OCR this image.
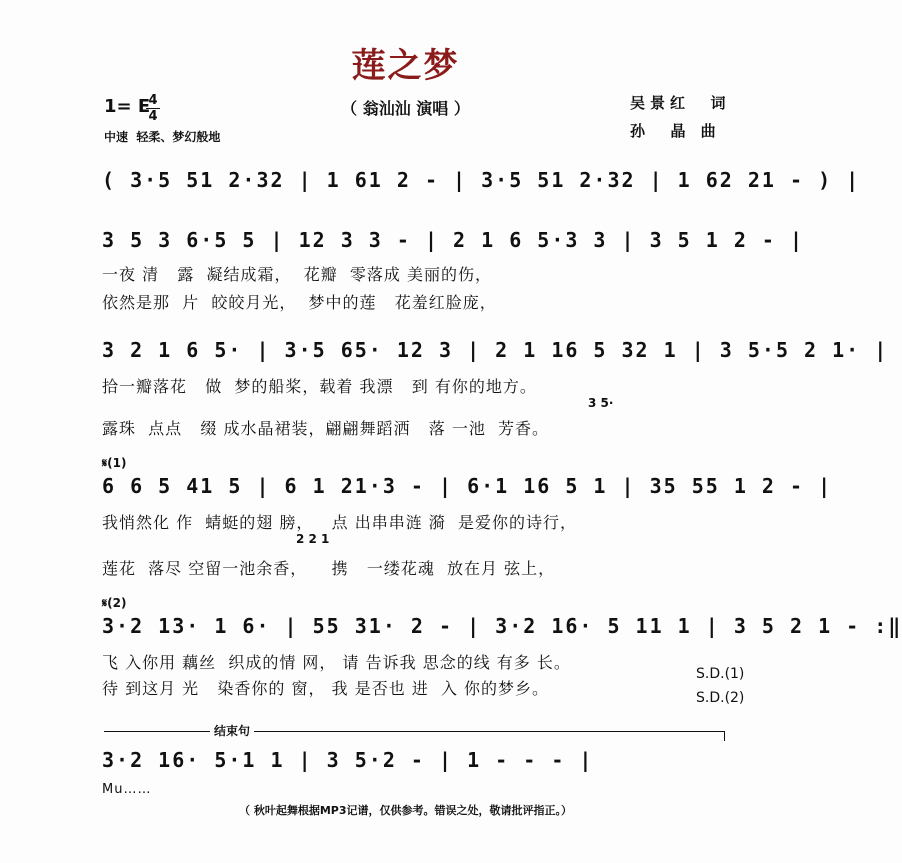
莲之梦
（ 翁汕汕 演唱 ）
1= E
4
4
中速  轻柔、梦幻般地
吴景红  词
孙  晶 曲
( 3·5 51 2·32 | 1 61 2 - | 3·5 51 2·32 | 1 62 21 - ) |
3 5 3 6·5 5 | 12 3 3 - | 2 1 6 5·3 3 | 3 5 1 2 - |
一夜 清   露  凝结成霜，  花瓣  零落成 美丽的伤，
依然是那  片  皎皎月光，  梦中的莲   花羞红脸庞，
3 2 1 6 5· | 3·5 65· 12 3 | 2 1 16 5 32 1 | 3 5·5 2 1· |
拾一瓣落花   做  梦的船桨，载着 我漂   到 有你的地方。
3 5·
露珠  点点   缀 成水晶裙装，翩翩舞蹈洒   落 一池  芳香。
𝄋(1)
6 6 5 41 5 | 6 1 21·3 - | 6·1 16 5 1 | 35 55 1 2 - |
我悄然化 作  蜻蜓的翅 膀，   点 出串串涟 漪  是爱你的诗行，
2 2 1
莲花  落尽 空留一池余香，    携   一缕花魂  放在月 弦上，
𝄋(2)
3·2 13· 1 6· | 55 31· 2 - | 3·2 16· 5 11 1 | 3 5 2 1 - :‖
飞 入你用 藕丝  织成的情 网， 请 告诉我 思念的线 有多 长。
待 到这月 光   染香你的 窗， 我 是否也 进  入 你的梦乡。
S.D.(1)
S.D.(2)
结束句
3·2 16· 5·1 1 | 3 5·2 - | 1 - - - |
Mu……
（ 秋叶起舞根据MP3记谱，仅供参考。错误之处，敬请批评指正。）
